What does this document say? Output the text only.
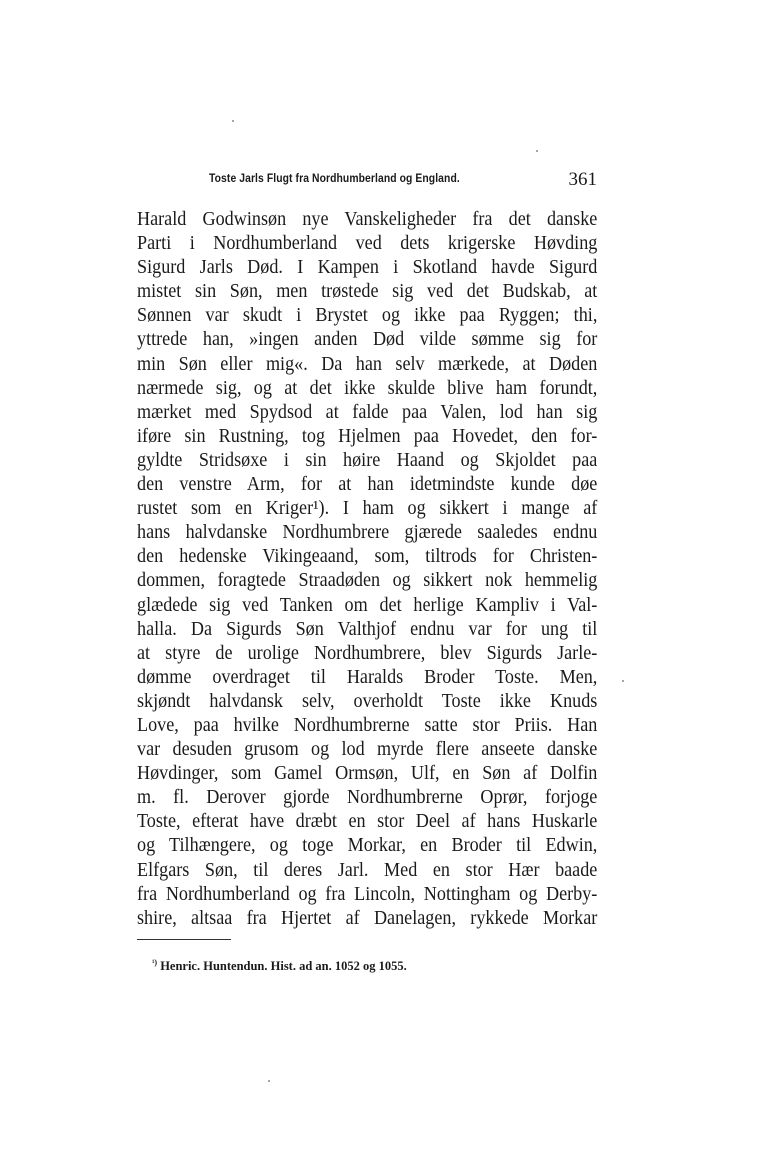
Toste Jarls Flugt fra Nordhumberland og England.	361
Harald Godwinsøn nye Vanskeligheder fra det danske
Parti i Nordhumberland ved dets krigerske Høvding
Sigurd Jarls Død. I Kampen i Skotland havde Sigurd
mistet sin Søn, men trøstede sig ved det Budskab, at
Sønnen var skudt i Brystet og ikke paa Ryggen; thi,
yttrede han, »ingen anden Død vilde sømme sig for
min Søn eller mig«. Da han selv mærkede, at Døden
nærmede sig, og at det ikke skulde blive ham forundt,
mærket med Spydsod at falde paa Valen, lod han sig
iføre sin Rustning, tog Hjelmen paa Hovedet, den for-
gyldte Stridsøxe i sin høire Haand og Skjoldet paa
den venstre Arm, for at han idetmindste kunde døe
rustet som en Kriger¹). I ham og sikkert i mange af
hans halvdanske Nordhumbrere gjærede saaledes endnu
den hedenske Vikingeaand, som, tiltrods for Christen-
dommen, foragtede Straadøden og sikkert nok hemmelig
glædede sig ved Tanken om det herlige Kampliv i Val-
halla. Da Sigurds Søn Valthjof endnu var for ung til
at styre de urolige Nordhumbrere, blev Sigurds Jarle-
dømme overdraget til Haralds Broder Toste. Men,
skjøndt halvdansk selv, overholdt Toste ikke Knuds
Love, paa hvilke Nordhumbrerne satte stor Priis. Han
var desuden grusom og lod myrde flere anseete danske
Høvdinger, som Gamel Ormsøn, Ulf, en Søn af Dolfin
m. fl. Derover gjorde Nordhumbrerne Oprør, forjoge
Toste, efterat have dræbt en stor Deel af hans Huskarle
og Tilhængere, og toge Morkar, en Broder til Edwin,
Elfgars Søn, til deres Jarl. Med en stor Hær baade
fra Nordhumberland og fra Lincoln, Nottingham og Derby-
shire, altsaa fra Hjertet af Danelagen, rykkede Morkar
$^{^1)}$ Henric. Huntendun. Hist. ad an. 1052 og 1055.
